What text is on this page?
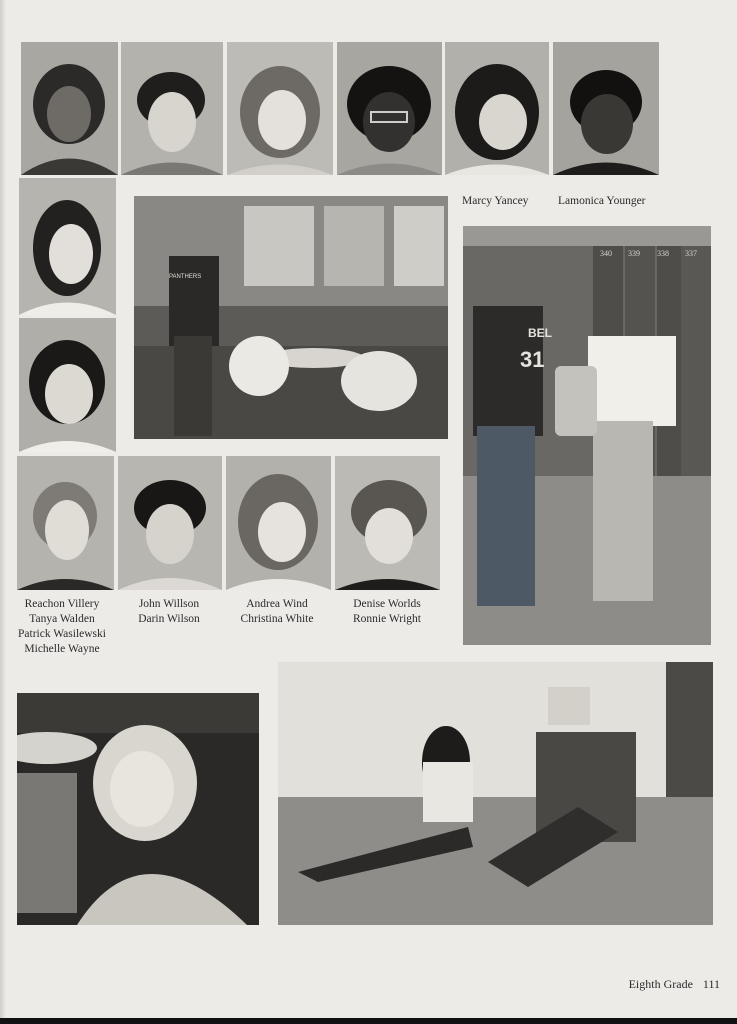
Marcy Yancey	Lamonica Younger
340 339 338 337
BEL
31
PANTHERS
Reachon Villery
Tanya Walden
Patrick Wasilewski
Michelle Wayne
John Willson
Darin Wilson
Andrea Wind
Christina White
Denise Worlds
Ronnie Wright
Eighth Grade 111
